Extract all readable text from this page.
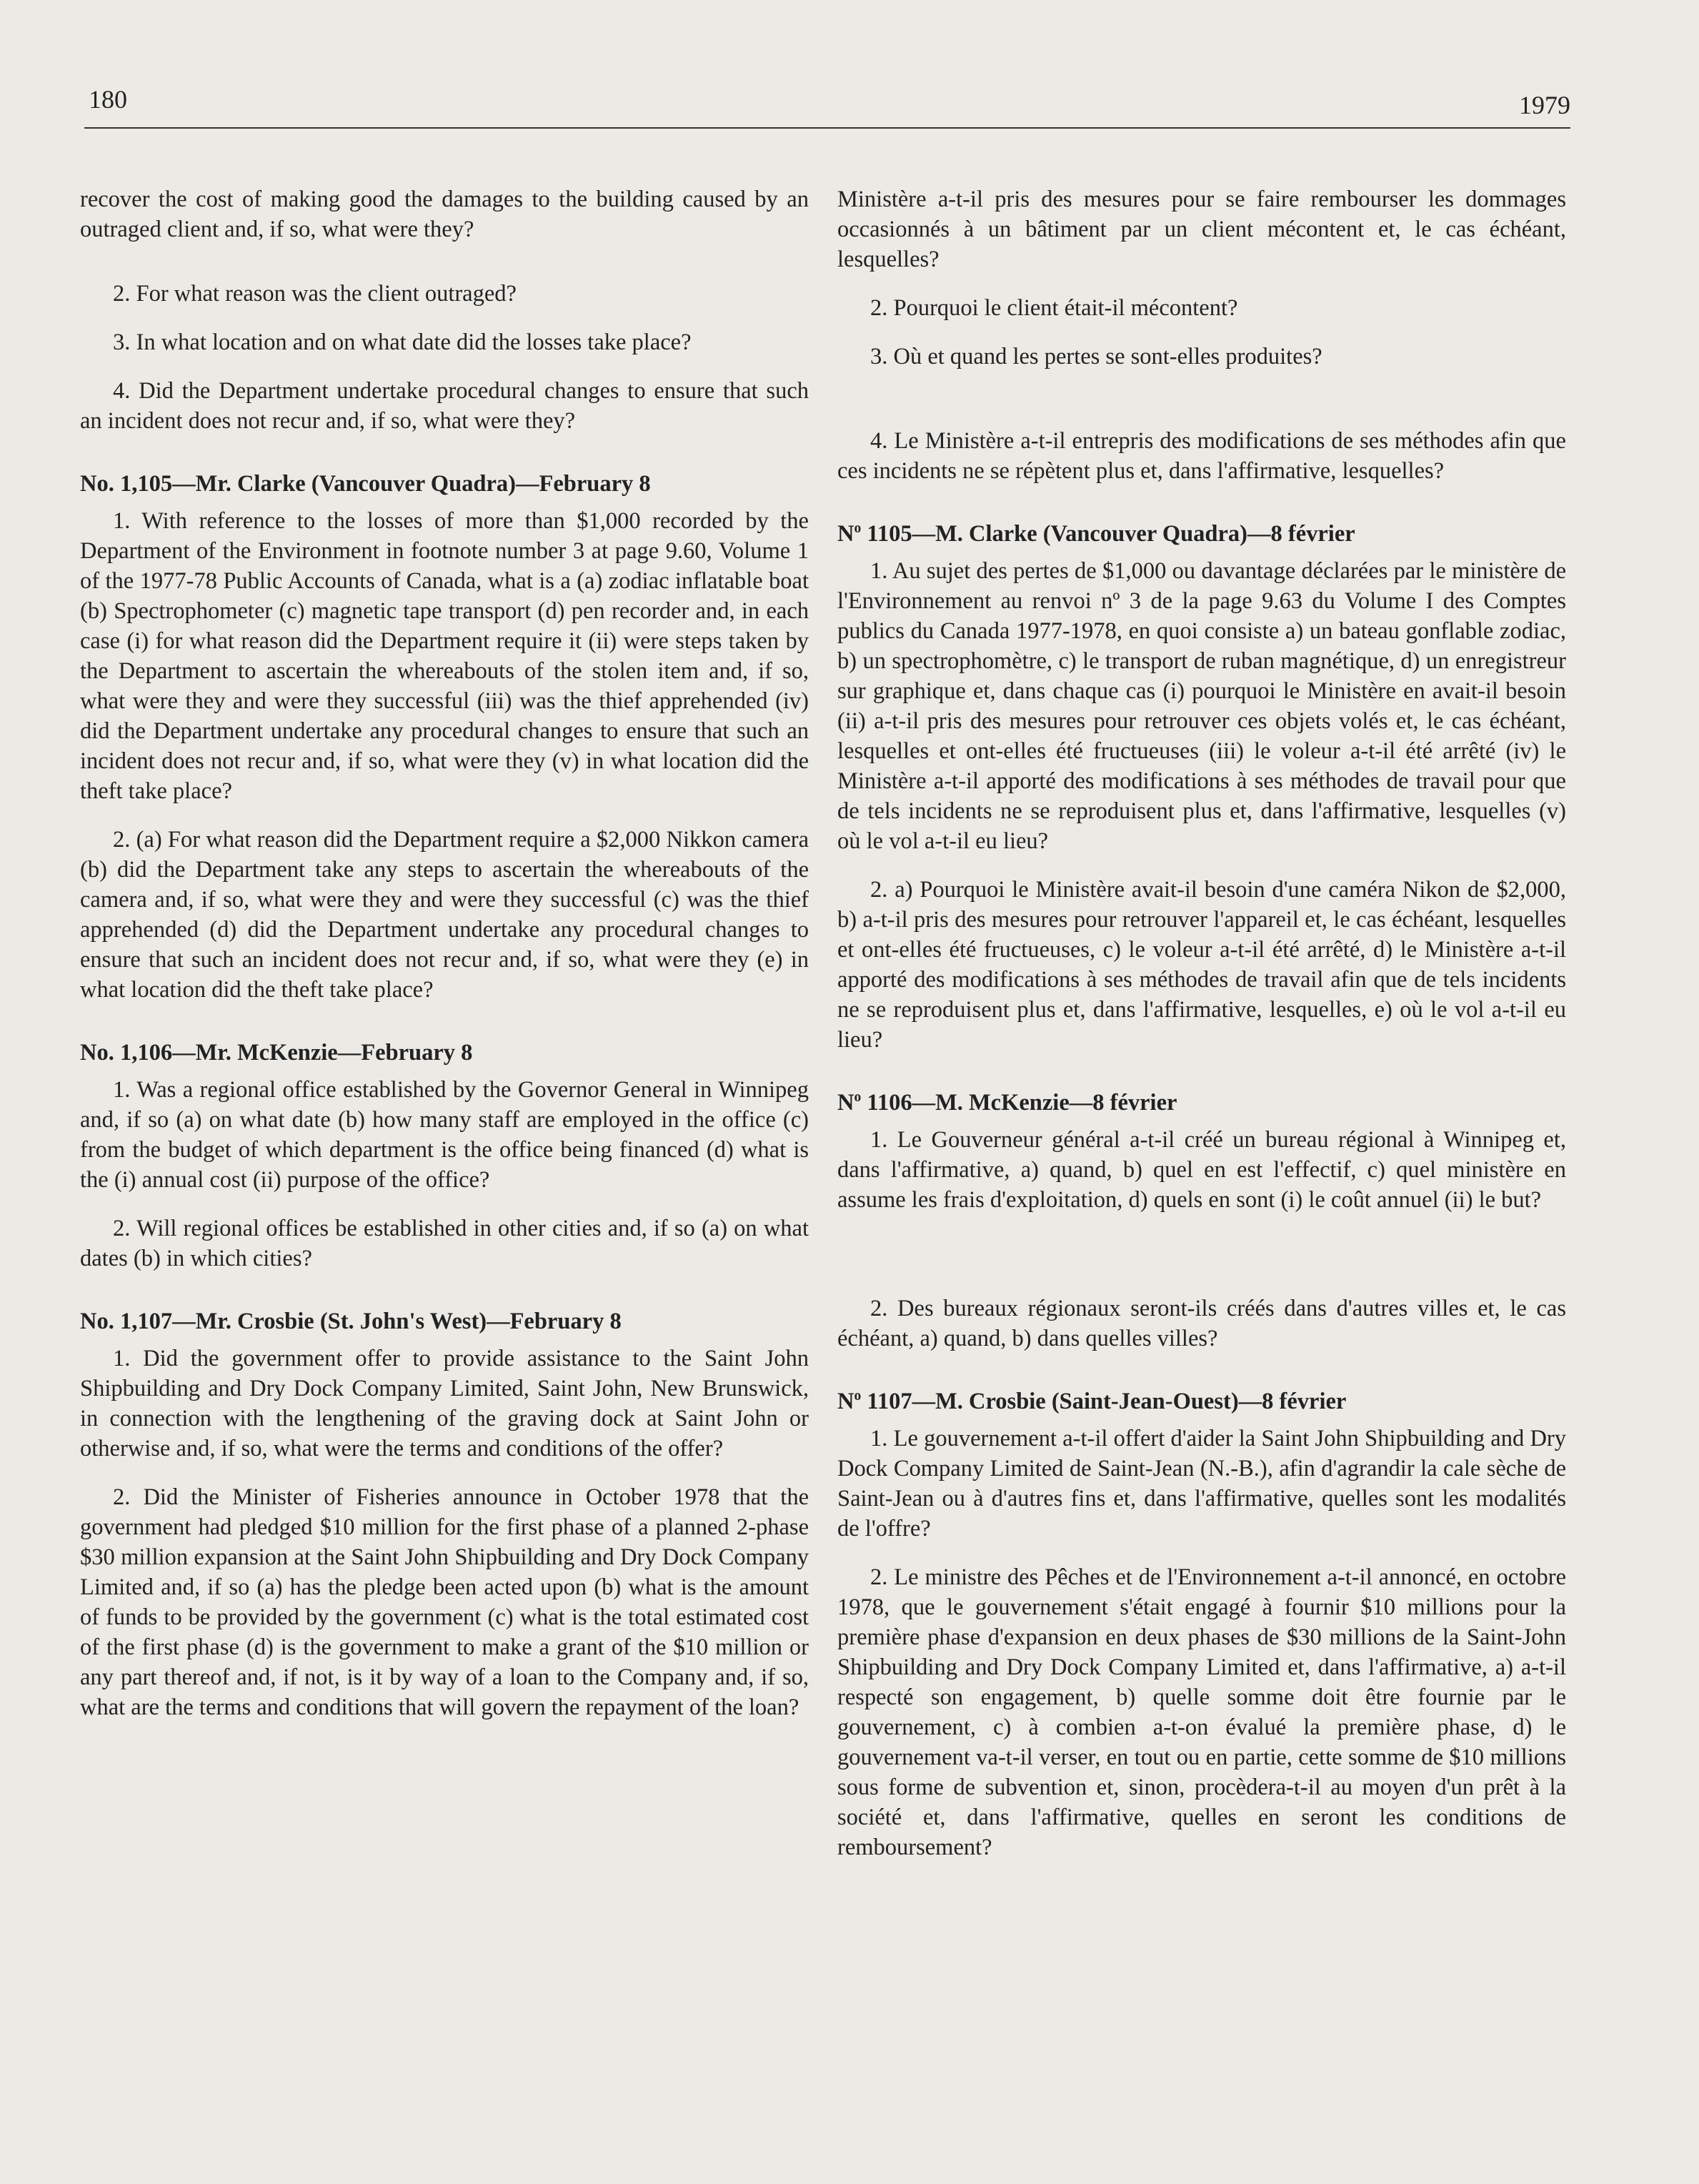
180	1979

recover the cost of making good the damages to the building caused by an outraged client and, if so, what were they?

2. For what reason was the client outraged?

3. In what location and on what date did the losses take place?

4. Did the Department undertake procedural changes to ensure that such an incident does not recur and, if so, what were they?

No. 1,105—Mr. Clarke (Vancouver Quadra)—February 8

1. With reference to the losses of more than $1,000 recorded by the Department of the Environment in footnote number 3 at page 9.60, Volume 1 of the 1977-78 Public Accounts of Canada, what is a (a) zodiac inflatable boat (b) Spectrophometer (c) magnetic tape transport (d) pen recorder and, in each case (i) for what reason did the Department require it (ii) were steps taken by the Department to ascertain the whereabouts of the stolen item and, if so, what were they and were they successful (iii) was the thief apprehended (iv) did the Department undertake any procedural changes to ensure that such an incident does not recur and, if so, what were they (v) in what location did the theft take place?

2. (a) For what reason did the Department require a $2,000 Nikkon camera (b) did the Department take any steps to ascertain the whereabouts of the camera and, if so, what were they and were they successful (c) was the thief apprehended (d) did the Department undertake any procedural changes to ensure that such an incident does not recur and, if so, what were they (e) in what location did the theft take place?

No. 1,106—Mr. McKenzie—February 8

1. Was a regional office established by the Governor General in Winnipeg and, if so (a) on what date (b) how many staff are employed in the office (c) from the budget of which department is the office being financed (d) what is the (i) annual cost (ii) purpose of the office?

2. Will regional offices be established in other cities and, if so (a) on what dates (b) in which cities?

No. 1,107—Mr. Crosbie (St. John's West)—February 8

1. Did the government offer to provide assistance to the Saint John Shipbuilding and Dry Dock Company Limited, Saint John, New Brunswick, in connection with the lengthening of the graving dock at Saint John or otherwise and, if so, what were the terms and conditions of the offer?

2. Did the Minister of Fisheries announce in October 1978 that the government had pledged $10 million for the first phase of a planned 2-phase $30 million expansion at the Saint John Shipbuilding and Dry Dock Company Limited and, if so (a) has the pledge been acted upon (b) what is the amount of funds to be provided by the government (c) what is the total estimated cost of the first phase (d) is the government to make a grant of the $10 million or any part thereof and, if not, is it by way of a loan to the Company and, if so, what are the terms and conditions that will govern the repayment of the loan?

Ministère a-t-il pris des mesures pour se faire rembourser les dommages occasionnés à un bâtiment par un client mécontent et, le cas échéant, lesquelles?

2. Pourquoi le client était-il mécontent?

3. Où et quand les pertes se sont-elles produites?

4. Le Ministère a-t-il entrepris des modifications de ses méthodes afin que ces incidents ne se répètent plus et, dans l'affirmative, lesquelles?

$N^o$ 1105—M. Clarke (Vancouver Quadra)—8 février

1. Au sujet des pertes de $1,000 ou davantage déclarées par le ministère de l'Environnement au renvoi nº 3 de la page 9.63 du Volume I des Comptes publics du Canada 1977-1978, en quoi consiste a) un bateau gonflable zodiac, b) un spectrophomètre, c) le transport de ruban magnétique, d) un enregistreur sur graphique et, dans chaque cas (i) pourquoi le Ministère en avait-il besoin (ii) a-t-il pris des mesures pour retrouver ces objets volés et, le cas échéant, lesquelles et ont-elles été fructueuses (iii) le voleur a-t-il été arrêté (iv) le Ministère a-t-il apporté des modifications à ses méthodes de travail pour que de tels incidents ne se reproduisent plus et, dans l'affirmative, lesquelles (v) où le vol a-t-il eu lieu?

2. a) Pourquoi le Ministère avait-il besoin d'une caméra Nikon de $2,000, b) a-t-il pris des mesures pour retrouver l'appareil et, le cas échéant, lesquelles et ont-elles été fructueuses, c) le voleur a-t-il été arrêté, d) le Ministère a-t-il apporté des modifications à ses méthodes de travail afin que de tels incidents ne se reproduisent plus et, dans l'affirmative, lesquelles, e) où le vol a-t-il eu lieu?

$N^o$ 1106—M. McKenzie—8 février

1. Le Gouverneur général a-t-il créé un bureau régional à Winnipeg et, dans l'affirmative, a) quand, b) quel en est l'effectif, c) quel ministère en assume les frais d'exploitation, d) quels en sont (i) le coût annuel (ii) le but?

2. Des bureaux régionaux seront-ils créés dans d'autres villes et, le cas échéant, a) quand, b) dans quelles villes?

$N^o$ 1107—M. Crosbie (Saint-Jean-Ouest)—8 février

1. Le gouvernement a-t-il offert d'aider la Saint John Shipbuilding and Dry Dock Company Limited de Saint-Jean (N.-B.), afin d'agrandir la cale sèche de Saint-Jean ou à d'autres fins et, dans l'affirmative, quelles sont les modalités de l'offre?

2. Le ministre des Pêches et de l'Environnement a-t-il annoncé, en octobre 1978, que le gouvernement s'était engagé à fournir $10 millions pour la première phase d'expansion en deux phases de $30 millions de la Saint-John Shipbuilding and Dry Dock Company Limited et, dans l'affirmative, a) a-t-il respecté son engagement, b) quelle somme doit être fournie par le gouvernement, c) à combien a-t-on évalué la première phase, d) le gouvernement va-t-il verser, en tout ou en partie, cette somme de $10 millions sous forme de subvention et, sinon, procèdera-t-il au moyen d'un prêt à la société et, dans l'affirmative, quelles en seront les conditions de remboursement?
